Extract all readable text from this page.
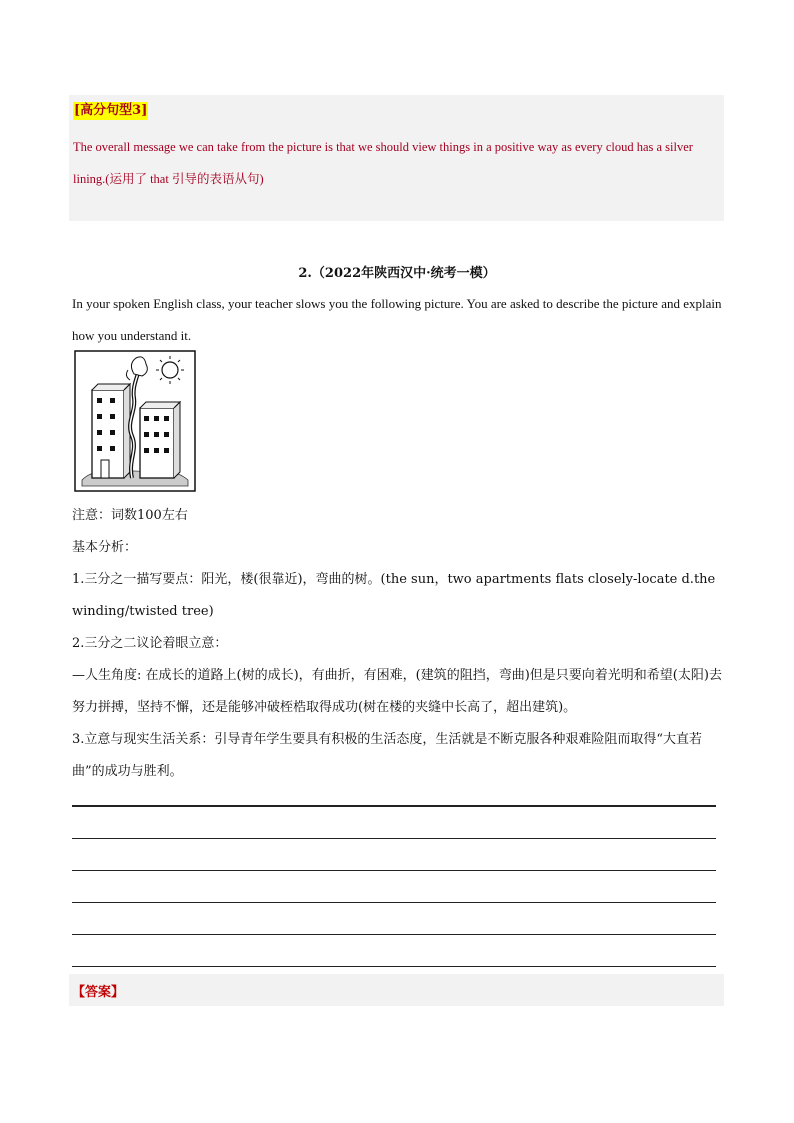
[高分句型3]
The overall message we can take from the picture is that we should view things in a positive way as every cloud has a silver lining.(运用了 that 引导的表语从句)
2.（2022年陕西汉中·统考一模）
In your spoken English class, your teacher slows you the following picture. You are asked to describe the picture and explain how you understand it.
注意：词数100左右
基本分析：
1.三分之一描写要点：阳光，楼(很靠近)，弯曲的树。(the sun，two apartments flats closely-locate d.the winding/twisted tree)
2.三分之二议论着眼立意：
—人生角度: 在成长的道路上(树的成长)，有曲折，有困难，(建筑的阻挡，弯曲)但是只要向着光明和希望(太阳)去努力拼搏，坚持不懈，还是能够冲破桎梏取得成功(树在楼的夹缝中长高了，超出建筑)。
3.立意与现实生活关系：引导青年学生要具有积极的生活态度，生活就是不断克服各种艰难险阻而取得“大直若曲”的成功与胜利。
【答案】
